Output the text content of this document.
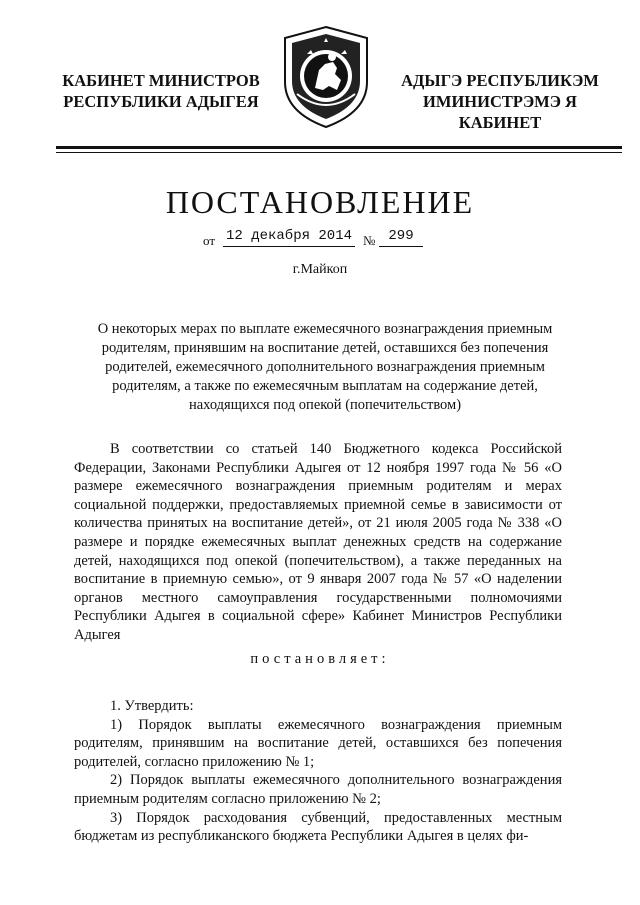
КАБИНЕТ МИНИСТРОВ
РЕСПУБЛИКИ АДЫГЕЯ
АДЫГЭ РЕСПУБЛИКЭМ
ИМИНИСТРЭМЭ Я КАБИНЕТ
ПОСТАНОВЛЕНИЕ
от 12 декабря 2014 № 299
г.Майкоп
О некоторых мерах по выплате ежемесячного вознаграждения приемным родителям, принявшим на воспитание детей, оставшихся без попечения родителей, ежемесячного дополнительного вознаграждения приемным родителям, а также по ежемесячным выплатам на содержание детей, находящихся под опекой (попечительством)

В соответствии со статьей 140 Бюджетного кодекса Российской Федерации, Законами Республики Адыгея от 12 ноября 1997 года № 56 «О размере ежемесячного вознаграждения приемным родителям и мерах социальной поддержки, предоставляемых приемной семье в зависимости от количества принятых на воспитание детей», от 21 июля 2005 года № 338 «О размере и порядке ежемесячных выплат денежных средств на содержание детей, находящихся под опекой (попечительством), а также переданных на воспитание в приемную семью», от 9 января 2007 года № 57 «О наделении органов местного самоуправления государственными полномочиями Республики Адыгея в социальной сфере» Кабинет Министров Республики Адыгея

постановляет:

1. Утвердить:

1) Порядок выплаты ежемесячного вознаграждения приемным родителям, принявшим на воспитание детей, оставшихся без попечения родителей, согласно приложению № 1;

2) Порядок выплаты ежемесячного дополнительного вознаграждения приемным родителям согласно приложению № 2;

3) Порядок расходования субвенций, предоставленных местным бюджетам из республиканского бюджета Республики Адыгея в целях фи-
